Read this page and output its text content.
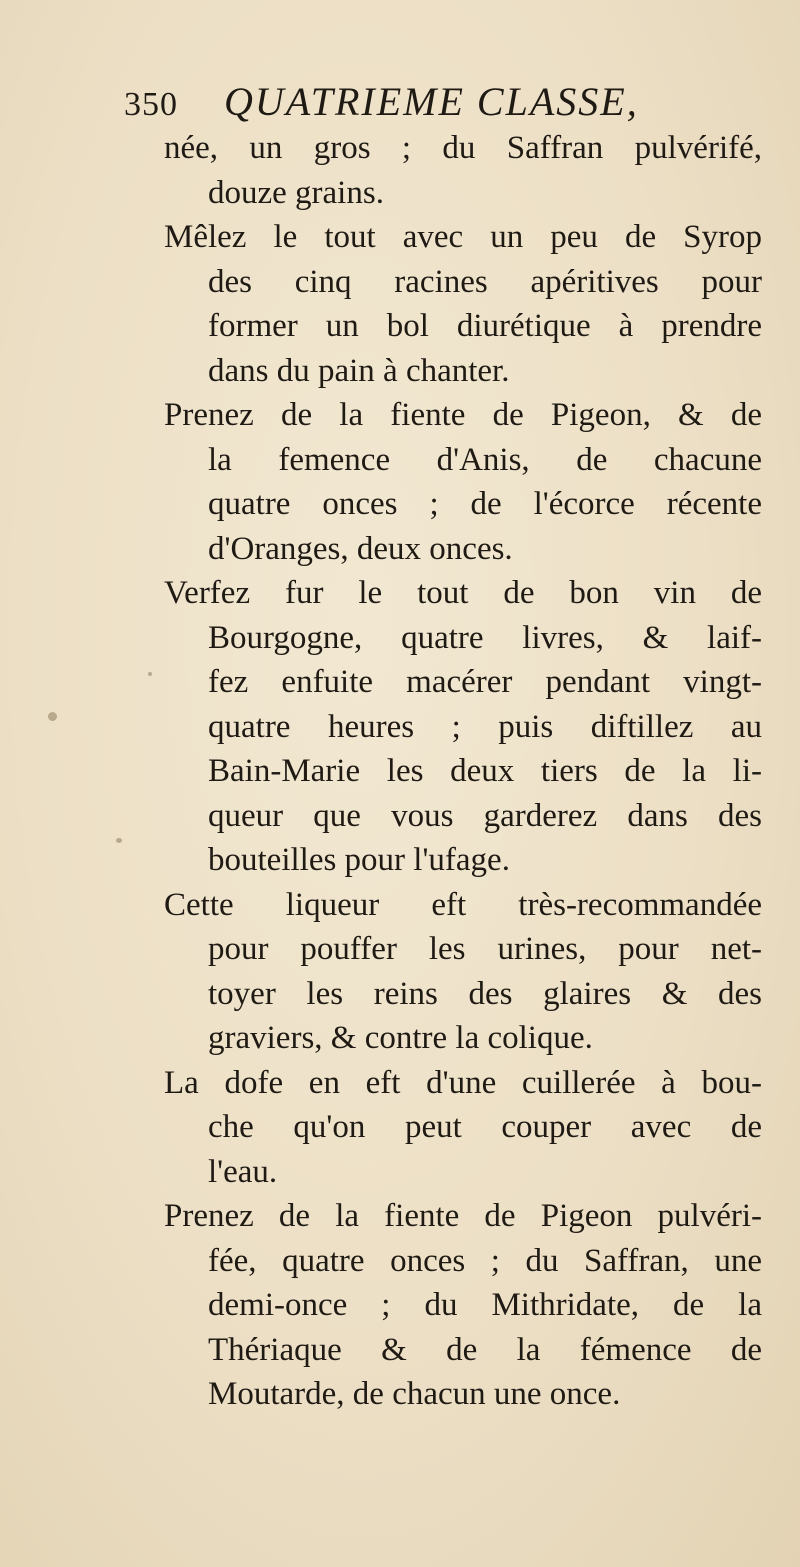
350 QUATRIEME CLASSE,
née, un gros ; du Saffran pulvérifé,
douze grains.
Mêlez le tout avec un peu de Syrop
des cinq racines apéritives pour
former un bol diurétique à prendre
dans du pain à chanter.
Prenez de la fiente de Pigeon, & de
la femence d'Anis, de chacune
quatre onces ; de l'écorce récente
d'Oranges, deux onces.
Verfez fur le tout de bon vin de
Bourgogne, quatre livres, & laif-
fez enfuite macérer pendant vingt-
quatre heures ; puis diftillez au
Bain-Marie les deux tiers de la li-
queur que vous garderez dans des
bouteilles pour l'ufage.
Cette liqueur eft très-recommandée
pour pouffer les urines, pour net-
toyer les reins des glaires & des
graviers, & contre la colique.
La dofe en eft d'une cuillerée à bou-
che qu'on peut couper avec de
l'eau.
Prenez de la fiente de Pigeon pulvéri-
fée, quatre onces ; du Saffran, une
demi-once ; du Mithridate, de la
Thériaque & de la fémence de
Moutarde, de chacun une once.
